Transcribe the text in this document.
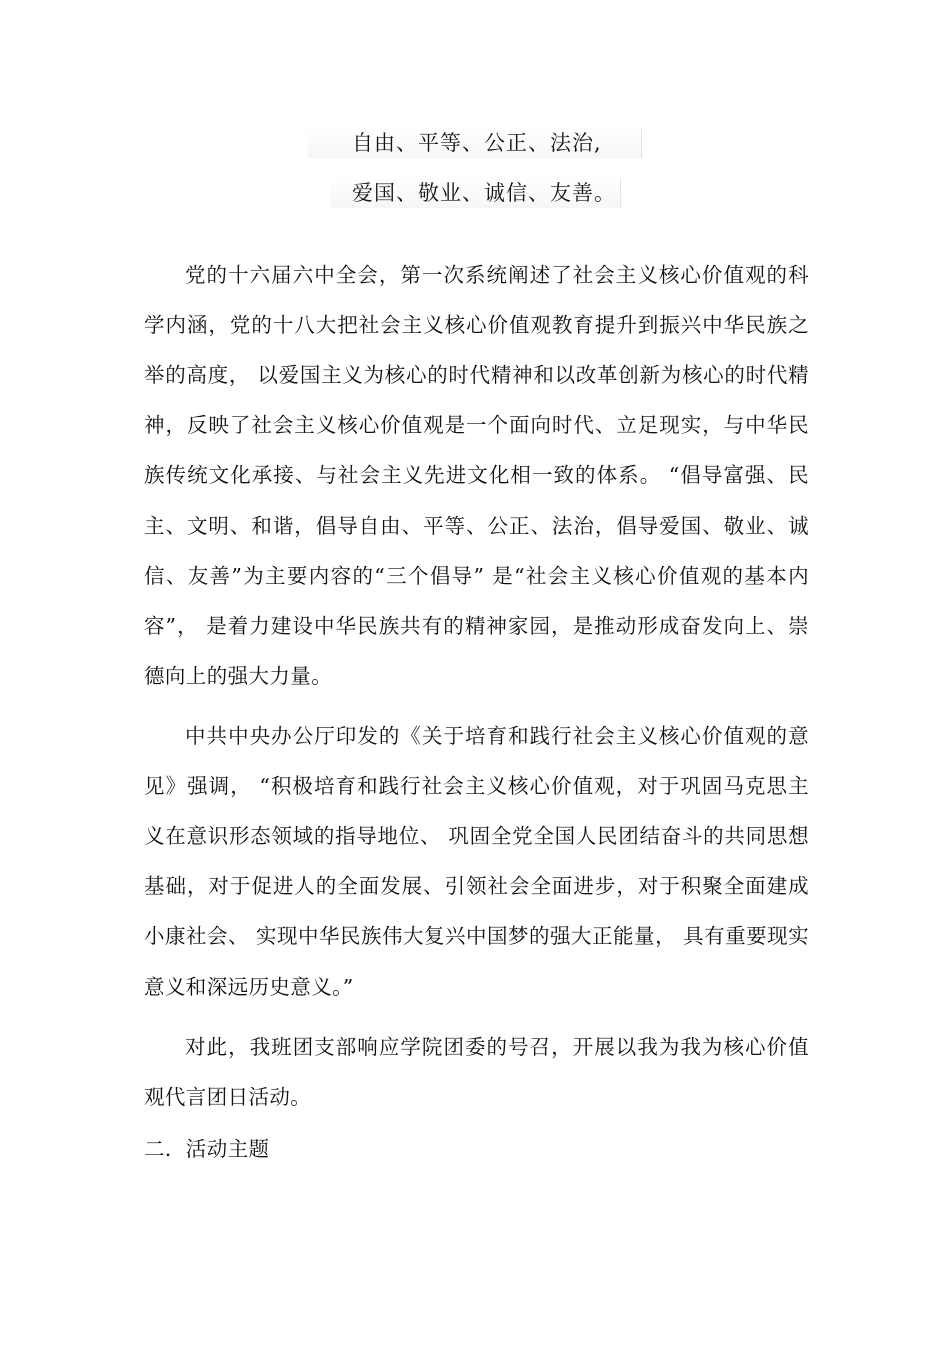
自由、平等、公正、法治,
爱国、敬业、诚信、友善。

党的十六届六中全会，第一次系统阐述了社会主义核心价值观的科学内涵，党的十八大把社会主义核心价值观教育提升到振兴中华民族之举的高度， 以爱国主义为核心的时代精神和以改革创新为核心的时代精神，反映了社会主义核心价值观是一个面向时代、立足现实，与中华民族传统文化承接、与社会主义先进文化相一致的体系。 “倡导富强、民主、文明、和谐，倡导自由、平等、公正、法治，倡导爱国、敬业、诚信、友善”为主要内容的“三个倡导” 是“社会主义核心价值观的基本内容”， 是着力建设中华民族共有的精神家园，是推动形成奋发向上、崇德向上的强大力量。

中共中央办公厅印发的《关于培育和践行社会主义核心价值观的意见》强调， “积极培育和践行社会主义核心价值观，对于巩固马克思主义在意识形态领域的指导地位、 巩固全党全国人民团结奋斗的共同思想基础，对于促进人的全面发展、引领社会全面进步，对于积聚全面建成小康社会、 实现中华民族伟大复兴中国梦的强大正能量， 具有重要现实意义和深远历史意义。”

对此，我班团支部响应学院团委的号召，开展以我为我为核心价值观代言团日活动。

二．活动主题
